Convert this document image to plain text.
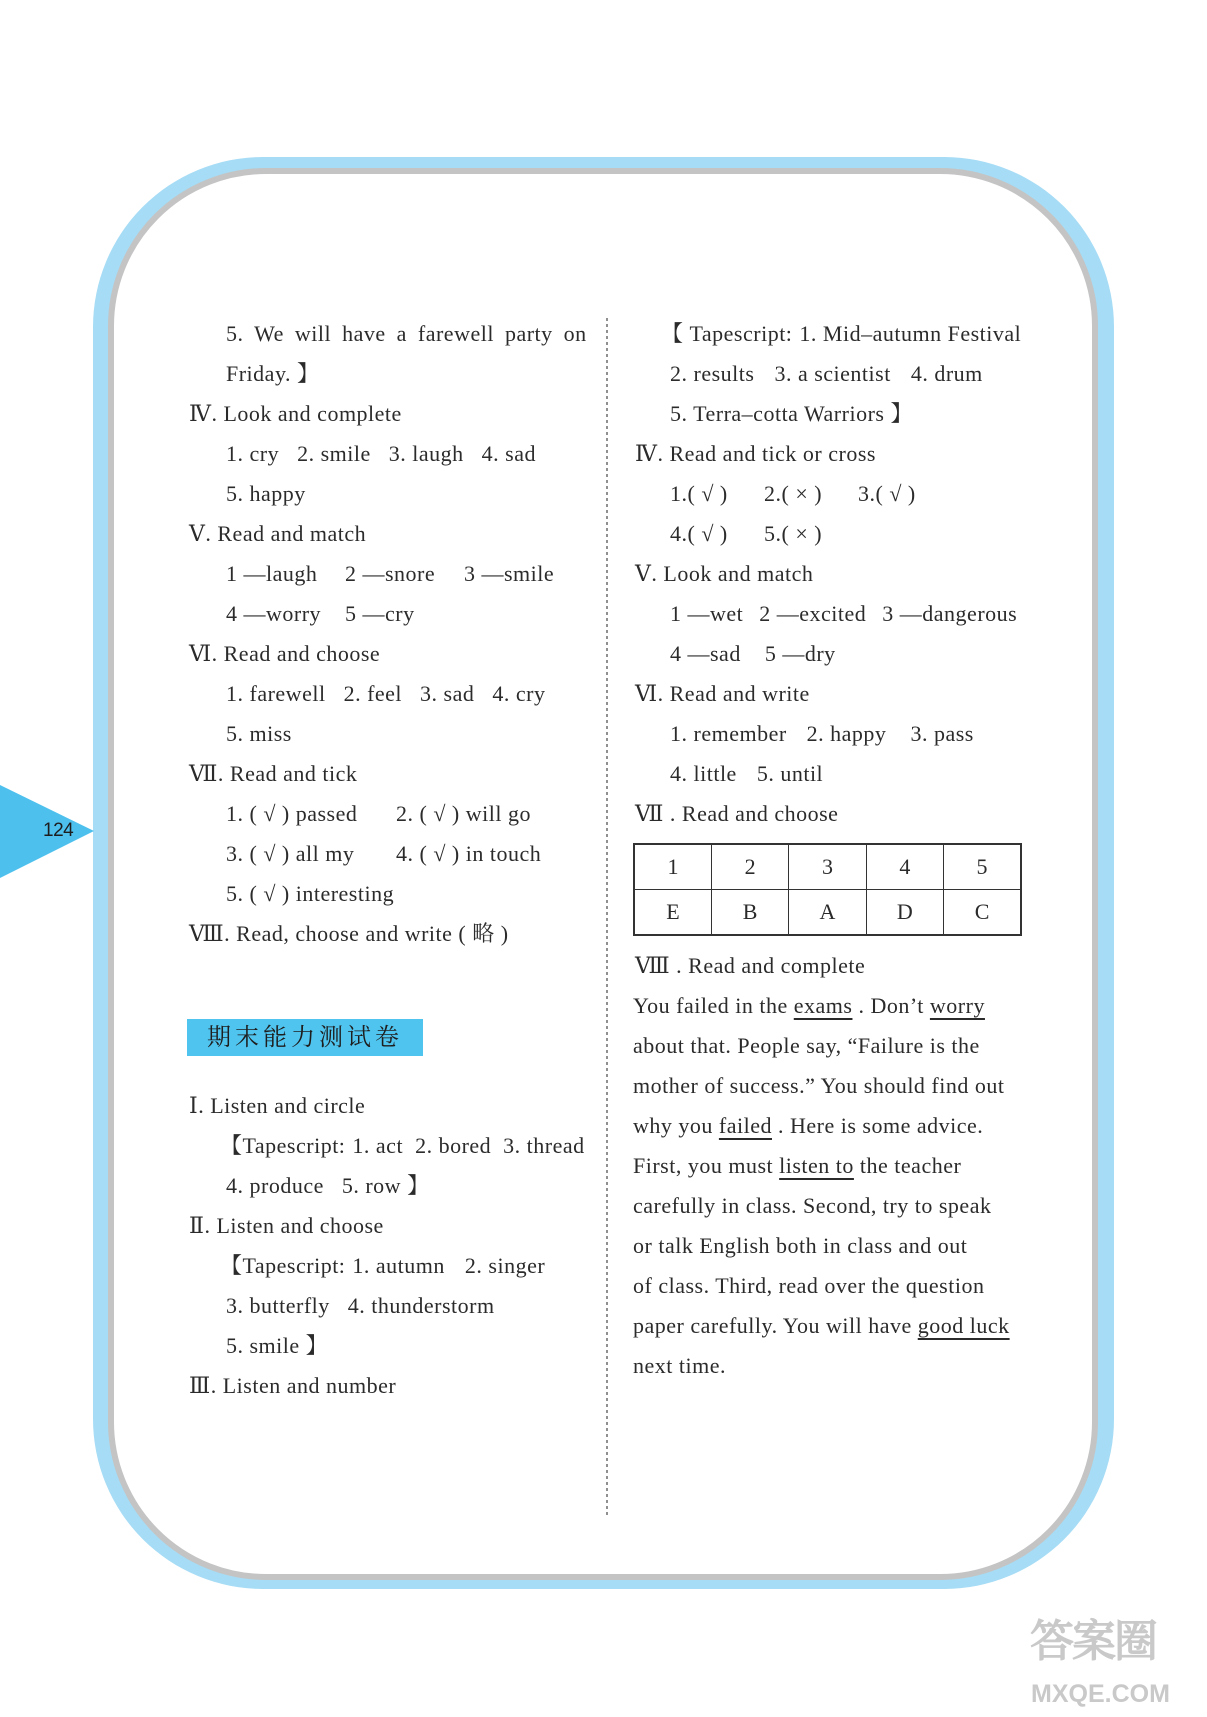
124
5. We will have a farewell party on
Friday. 】
Ⅳ. Look and complete
1. cry 2. smile 3. laugh 4. sad
5. happy
Ⅴ. Read and match
1 —laugh 2 —snore 3 —smile
4 —worry 5 —cry
Ⅵ. Read and choose
1. farewell 2. feel 3. sad 4. cry
5. miss
Ⅶ. Read and tick
1. ( √ ) passed 2. ( √ ) will go
3. ( √ ) all my 4. ( √ ) in touch
5. ( √ ) interesting
Ⅷ. Read, choose and write ( 略 )
期末能力测试卷
Ⅰ. Listen and circle
【Tapescript: 1. act 2. bored 3. thread
4. produce 5. row 】
Ⅱ. Listen and choose
【Tapescript: 1. autumn 2. singer
3. butterfly 4. thunderstorm
5. smile 】
Ⅲ. Listen and number
【 Tapescript: 1. Mid–autumn Festival
2. results 3. a scientist 4. drum
5. Terra–cotta Warriors 】
Ⅳ. Read and tick or cross
1.( √ ) 2.( × ) 3.( √ )
4.( √ ) 5.( × )
Ⅴ. Look and match
1 —wet 2 —excited 3 —dangerous
4 —sad 5 —dry
Ⅵ. Read and write
1. remember 2. happy 3. pass
4. little 5. until
Ⅶ . Read and choose
1	2	3	4	5
E	B	A	D	C
Ⅷ . Read and complete
You failed in the exams . Don’t worry
about that. People say, “Failure is the
mother of success.” You should find out
why you failed . Here is some advice.
First, you must listen to the teacher
carefully in class. Second, try to speak
or talk English both in class and out
of class. Third, read over the question
paper carefully. You will have good luck
next time.
答案圈
MXQE.COM
